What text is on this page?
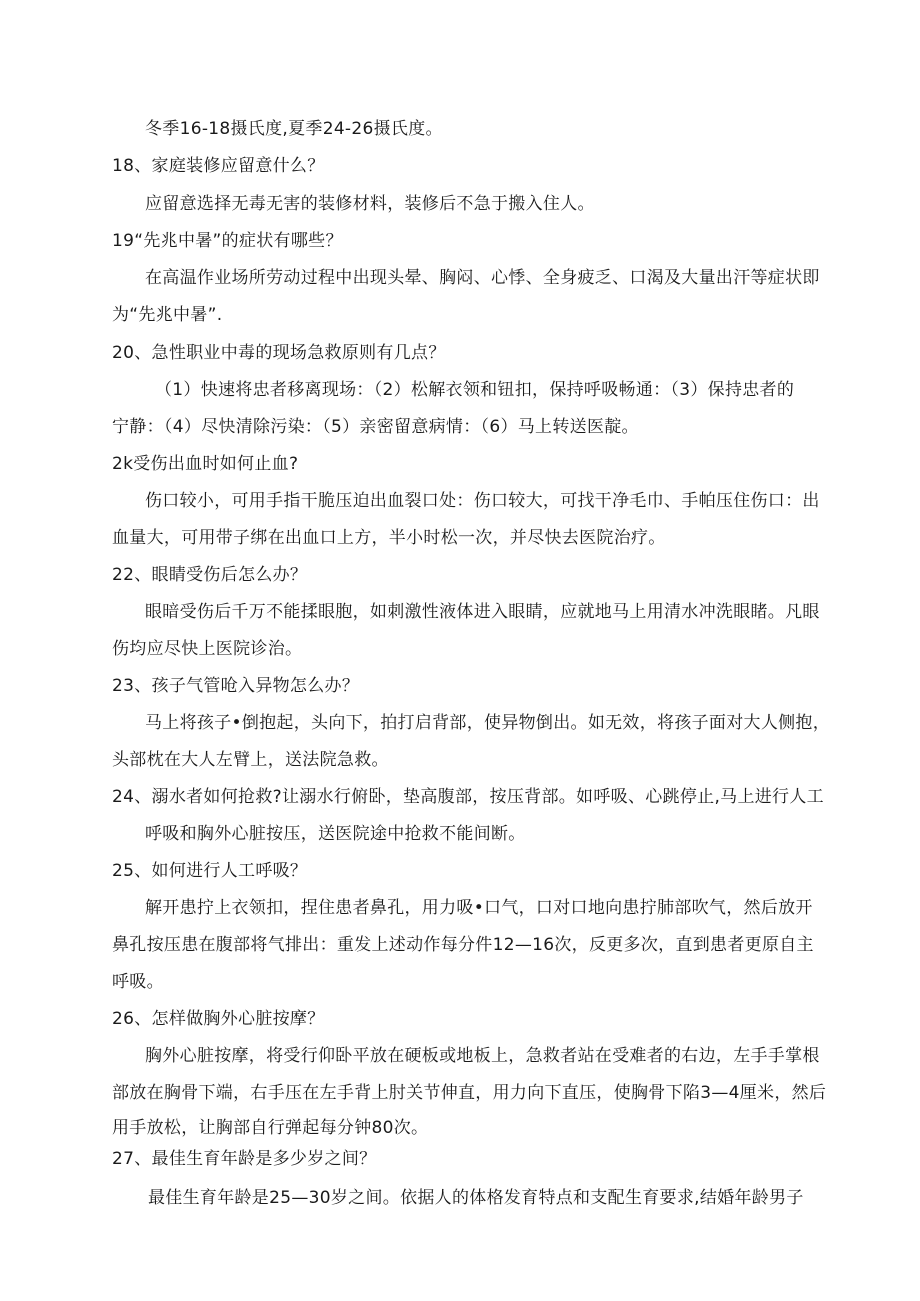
冬季16-18摄氏度,夏季24-26摄氏度。
18、家庭装修应留意什么？
应留意选择无毒无害的装修材料，装修后不急于搬入住人。
19“先兆中暑”的症状有哪些？
在高温作业场所劳动过程中出现头晕、胸闷、心悸、全身疲乏、口渴及大量出汗等症状即
为“先兆中暑”.
20、急性职业中毒的现场急救原则有几点？
（1）快速将忠者移离现场：（2）松解衣领和钮扣，保持呼吸畅通：（3）保持忠者的
宁静：（4）尽快清除污染：（5）亲密留意病情：（6）马上转送医靛。
2k受伤出血时如何止血?
伤口较小，可用手指干脆压迫出血裂口处：伤口较大，可找干净毛巾、手帕压住伤口：出
血量大，可用带子绑在出血口上方，半小时松一次，并尽快去医院治疗。
22、眼睛受伤后怎么办？
眼暗受伤后千万不能揉眼胞，如刺激性液体进入眼睛，应就地马上用清水冲洗眼睹。凡眼
伤均应尽快上医院诊治。
23、孩子气管呛入异物怎么办？
马上将孩子•倒抱起，头向下，拍打启背部，使异物倒出。如无效，将孩子面对大人侧抱，
头部枕在大人左臂上，送法院急救。
24、溺水者如何抢救?让溺水行俯卧，垫高腹部，按压背部。如呼吸、心跳停止,马上进行人工
呼吸和胸外心脏按压，送医院途中抢救不能间断。
25、如何进行人工呼吸？
解开患拧上衣领扣，捏住患者鼻孔，用力吸•口气，口对口地向患拧肺部吹气，然后放开
鼻孔按压患在腹部将气排出：重发上述动作每分件12—16次，反更多次，直到患者更原自主
呼吸。
26、怎样做胸外心脏按摩？
胸外心脏按摩，将受行仰卧平放在硬板或地板上，急救者站在受难者的右边，左手手掌根
部放在胸骨下端，右手压在左手背上肘关节伸直，用力向下直压，使胸骨下陷3—4厘米，然后
用手放松，让胸部自行弹起每分钟80次。
27、最佳生育年龄是多少岁之间？
最佳生育年龄是25—30岁之间。依据人的体格发育特点和支配生育要求,结婚年龄男子
